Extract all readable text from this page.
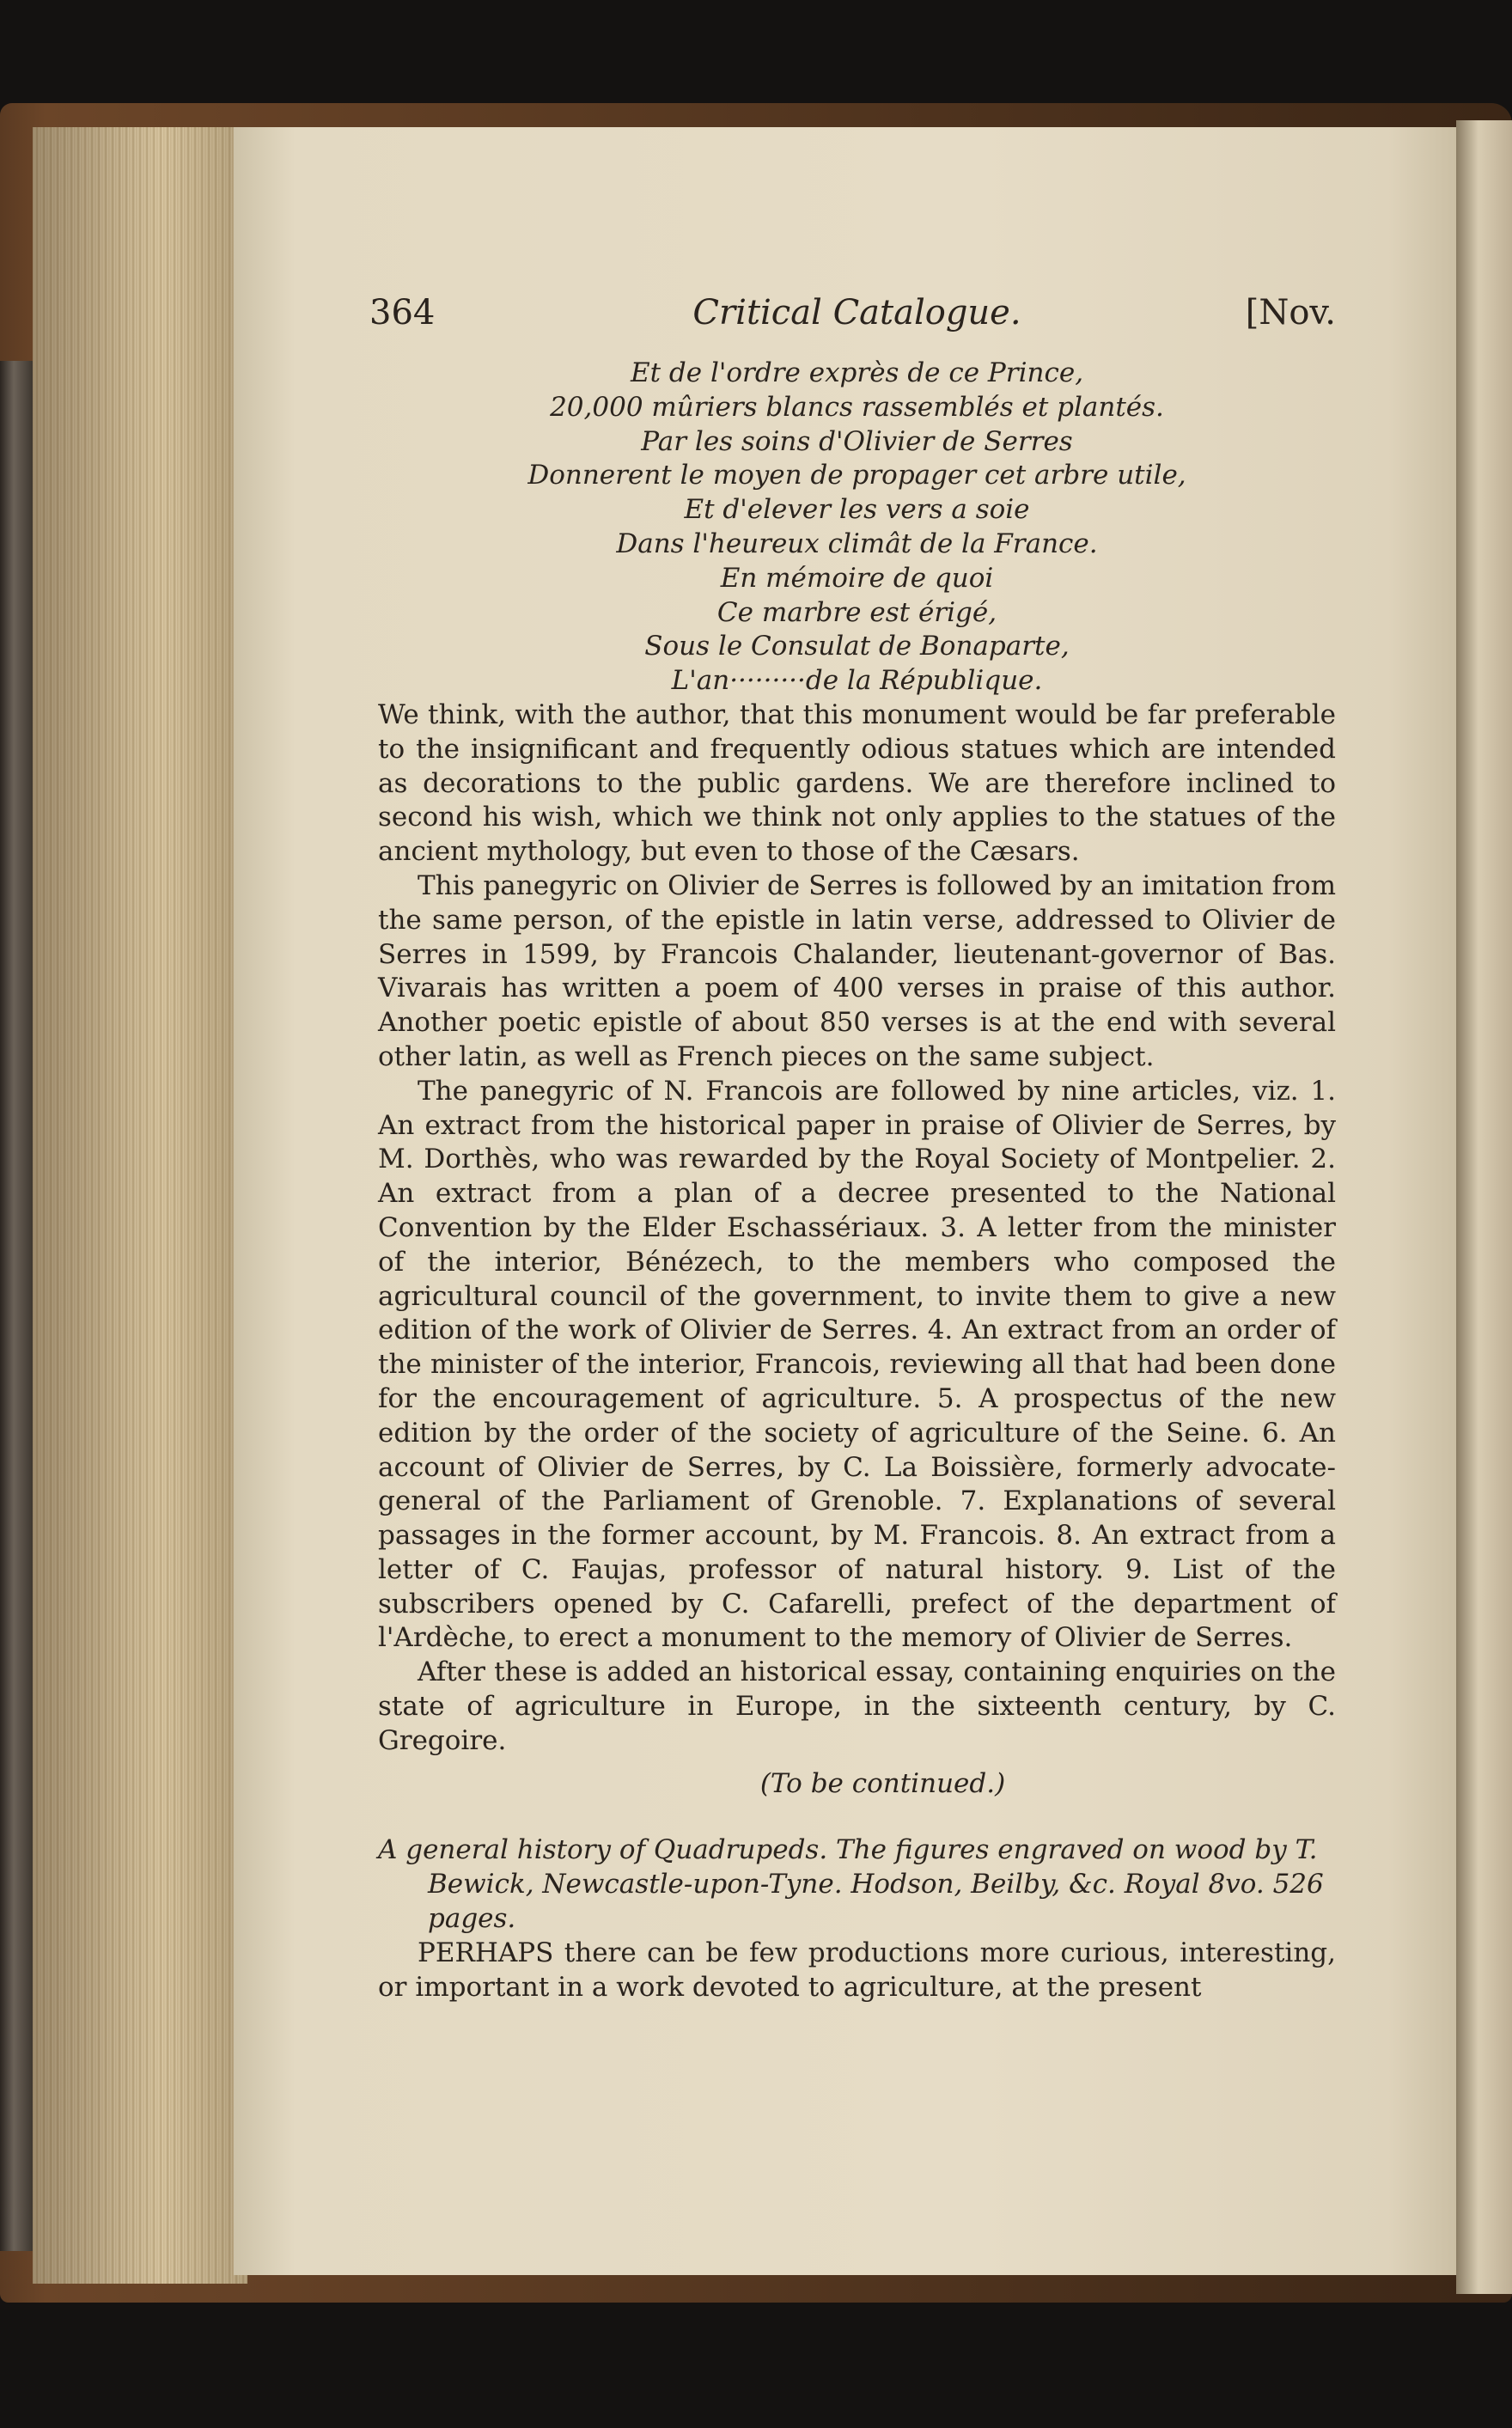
364	Critical Catalogue.	[Nov.
Et de l'ordre exprès de ce Prince,
20,000 mûriers blancs rassemblés et plantés.
Par les soins d'Olivier de Serres
Donnerent le moyen de propager cet arbre utile,
Et d'elever les vers a soie
Dans l'heureux climât de la France.
En mémoire de quoi
Ce marbre est érigé,
Sous le Consulat de Bonaparte,
L'an·········de la République.

We think, with the author, that this monument would be far preferable to the insignificant and frequently odious statues which are intended as decorations to the public gardens. We are therefore inclined to second his wish, which we think not only applies to the statues of the ancient mythology, but even to those of the Cæsars.

This panegyric on Olivier de Serres is followed by an imitation from the same person, of the epistle in latin verse, addressed to Olivier de Serres in 1599, by Francois Chalander, lieutenant-governor of Bas. Vivarais has written a poem of 400 verses in praise of this author. Another poetic epistle of about 850 verses is at the end with several other latin, as well as French pieces on the same subject.

The panegyric of N. Francois are followed by nine articles, viz. 1. An extract from the historical paper in praise of Olivier de Serres, by M. Dorthès, who was rewarded by the Royal Society of Montpelier. 2. An extract from a plan of a decree presented to the National Convention by the Elder Eschassériaux. 3. A letter from the minister of the interior, Bénézech, to the members who composed the agricultural council of the government, to invite them to give a new edition of the work of Olivier de Serres. 4. An extract from an order of the minister of the interior, Francois, reviewing all that had been done for the encouragement of agriculture. 5. A prospectus of the new edition by the order of the society of agriculture of the Seine. 6. An account of Olivier de Serres, by C. La Boissière, formerly advocate-general of the Parliament of Grenoble. 7. Explanations of several passages in the former account, by M. Francois. 8. An extract from a letter of C. Faujas, professor of natural history. 9. List of the subscribers opened by C. Cafarelli, prefect of the department of l'Ardèche, to erect a monument to the memory of Olivier de Serres.

After these is added an historical essay, containing enquiries on the state of agriculture in Europe, in the sixteenth century, by C. Gregoire.

(To be continued.)

A general history of Quadrupeds. The figures engraved on wood by T. Bewick, Newcastle-upon-Tyne. Hodson, Beilby, &c. Royal 8vo. 526 pages.

PERHAPS there can be few productions more curious, interesting, or important in a work devoted to agriculture, at the present
